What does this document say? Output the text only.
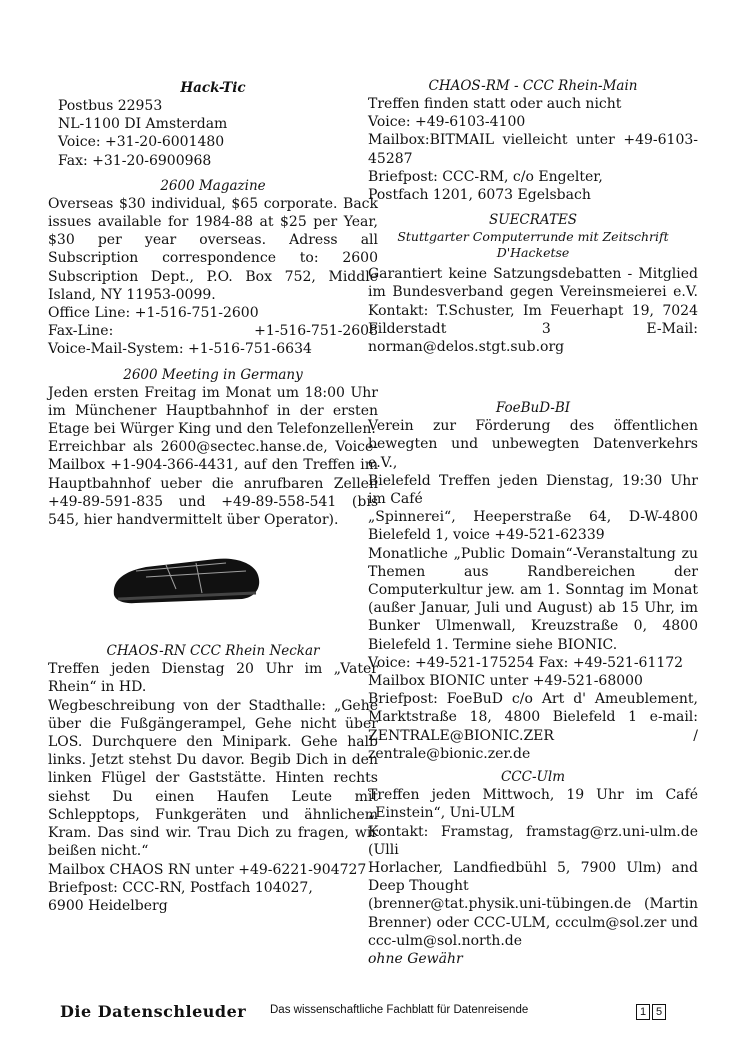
Hack-Tic

Postbus 22953

NL-1100 DI Amsterdam

Voice: +31-20-6001480

Fax: +31-20-6900968

2600 Magazine

Overseas $30 individual, $65 corporate. Back issues available for 1984-88 at $25 per Year, $30 per year overseas. Adress all Subscription correspondence to: 2600 Subscription Dept., P.O. Box 752, Middle Island, NY 11953-0099.

Office Line: +1-516-751-2600

Fax-Line:	+1-516-751-2608

Voice-Mail-System: +1-516-751-6634

2600 Meeting in Germany

Jeden ersten Freitag im Monat um 18:00 Uhr im Münchener Hauptbahnhof in der ersten Etage bei Würger King und den Telefonzellen.

Erreichbar als 2600@sectec.hanse.de, Voice-Mailbox +1-904-366-4431, auf den Treffen im Hauptbahnhof ueber die anrufbaren Zellen +49-89-591-835 und +49-89-558-541 (bis 545, hier handvermittelt über Operator).

CHAOS-RN CCC Rhein Neckar

Treffen jeden Dienstag 20 Uhr im „Vater Rhein“ in HD.

Wegbeschreibung von der Stadthalle: „Gehe über die Fußgängerampel, Gehe nicht über LOS. Durchquere den Minipark. Gehe halb links. Jetzt stehst Du davor. Begib Dich in den linken Flügel der Gaststätte. Hinten rechts siehst Du einen Haufen Leute mit Schlepptops, Funkgeräten und ähnlichem Kram. Das sind wir. Trau Dich zu fragen, wir beißen nicht.“

Mailbox CHAOS RN unter +49-6221-904727

Briefpost: CCC-RN, Postfach 104027,

6900 Heidelberg

CHAOS-RM - CCC Rhein-Main

Treffen finden statt oder auch nicht

Voice: +49-6103-4100

Mailbox:BITMAIL vielleicht unter +49-6103-45287

Briefpost: CCC-RM, c/o Engelter,

Postfach 1201, 6073 Egelsbach

SUECRATES

Stuttgarter Computerrunde mit Zeitschrift

D'Hacketse

Garantiert keine Satzungsdebatten - Mitglied im Bundesverband gegen Vereinsmeierei e.V. Kontakt: T.Schuster, Im Feuerhapt 19, 7024 Filderstadt 3 E-Mail: norman@delos.stgt.sub.org

FoeBuD-BI

Verein zur Förderung des öffentlichen bewegten und unbewegten Datenverkehrs e.V.,

Bielefeld Treffen jeden Dienstag, 19:30 Uhr im Café

„Spinnerei“, Heeperstraße 64, D-W-4800 Bielefeld 1, voice +49-521-62339

Monatliche „Public Domain“-Veranstaltung zu Themen aus Randbereichen der Computerkultur jew. am 1. Sonntag im Monat (außer Januar, Juli und August) ab 15 Uhr, im Bunker Ulmenwall, Kreuzstraße 0, 4800 Bielefeld 1. Termine siehe BIONIC.

Voice: +49-521-175254 Fax: +49-521-61172

Mailbox BIONIC unter +49-521-68000

Briefpost: FoeBuD c/o Art d' Ameublement, Marktstraße 18, 4800 Bielefeld 1 e-mail: ZENTRALE@BIONIC.ZER / zentrale@bionic.zer.de

CCC-Ulm

Treffen jeden Mittwoch, 19 Uhr im Café „Einstein“, Uni-ULM

Kontakt: Framstag, framstag@rz.uni-ulm.de (Ulli

Horlacher, Landfiedbühl 5, 7900 Ulm) and Deep Thought

(brenner@tat.physik.uni-tübingen.de (Martin Brenner) oder CCC-ULM, ccculm@sol.zer und ccc-ulm@sol.north.de

ohne Gewähr

Die Datenschleuder Das wissenschaftliche Fachblatt für Datenreisende	1 5
